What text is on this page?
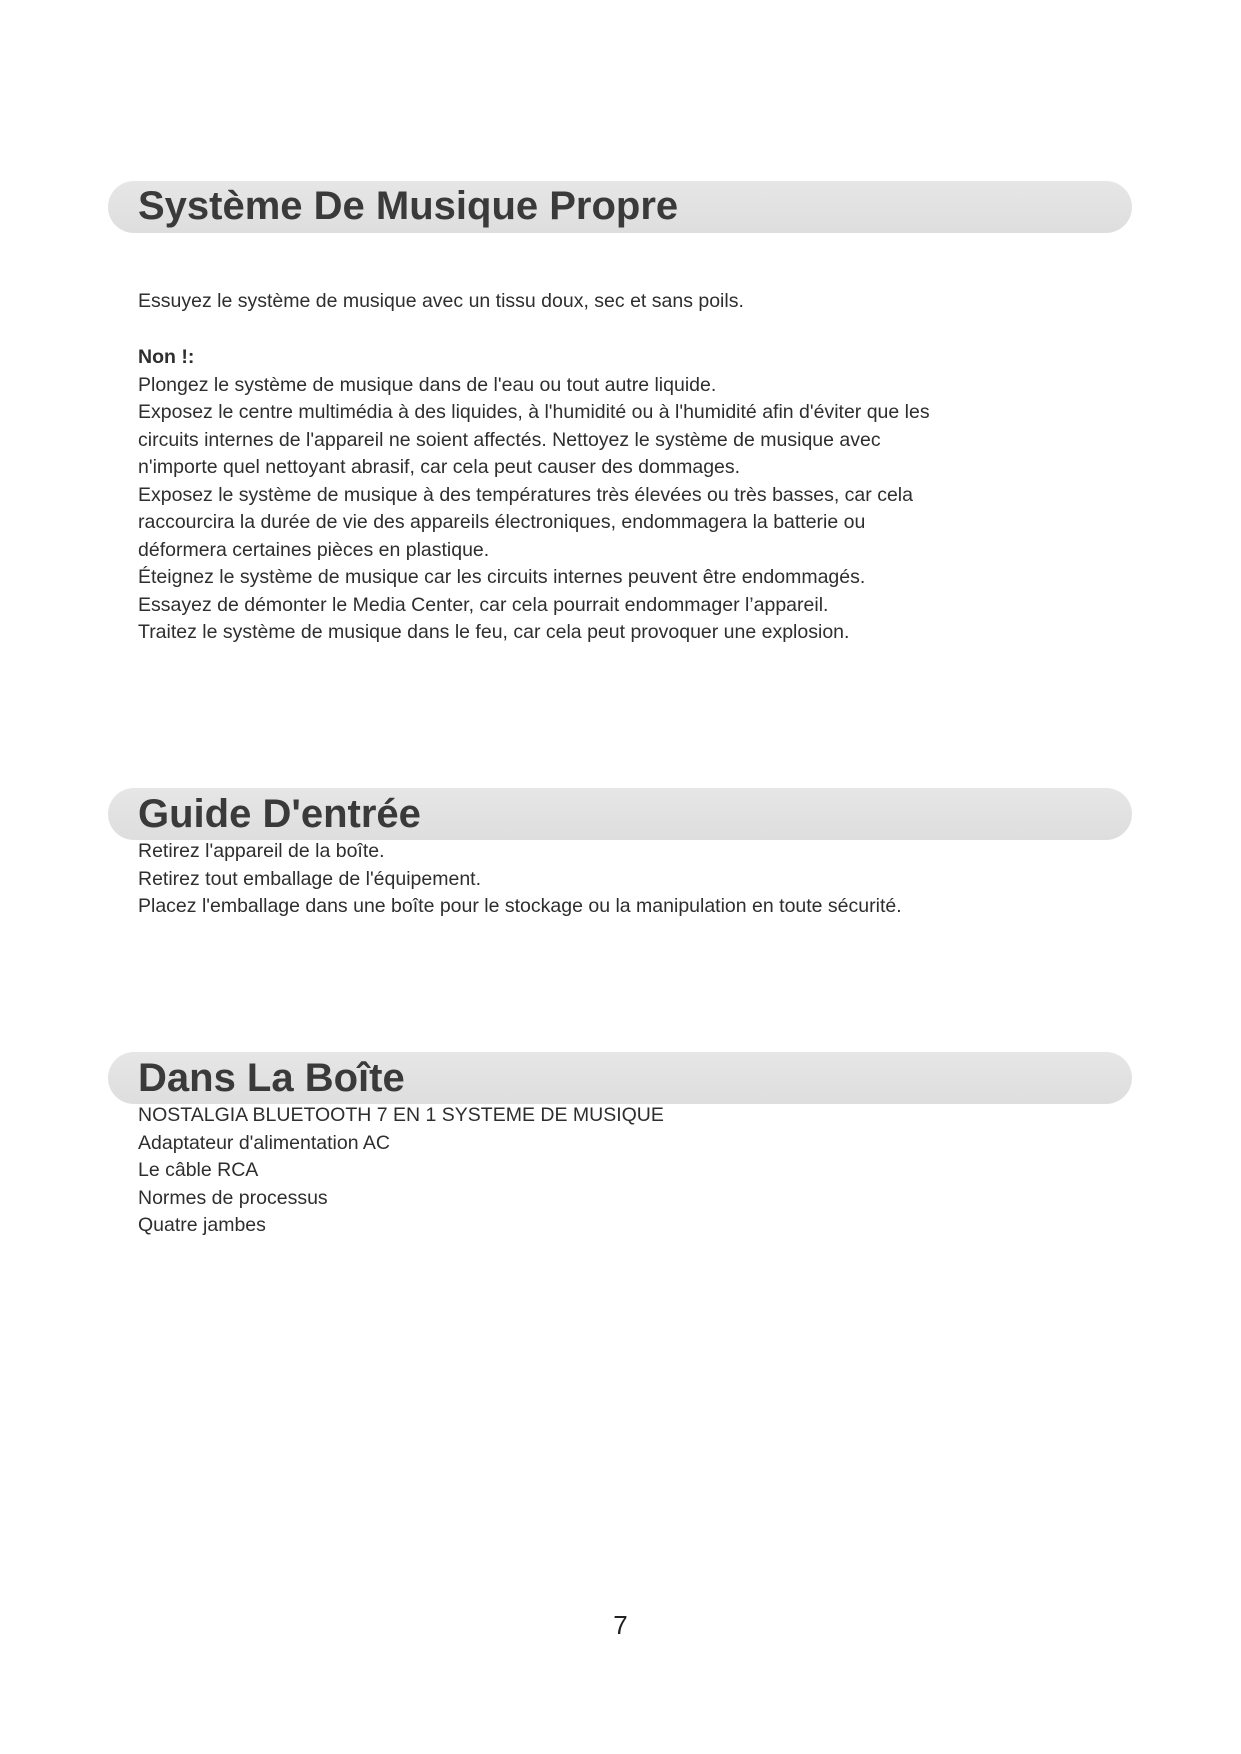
Système De Musique Propre
Essuyez le système de musique avec un tissu doux, sec et sans poils.
Non !:
Plongez le système de musique dans de l'eau ou tout autre liquide.
Exposez le centre multimédia à des liquides, à l'humidité ou à l'humidité afin d'éviter que les
circuits internes de l'appareil ne soient affectés. Nettoyez le système de musique avec
n'importe quel nettoyant abrasif, car cela peut causer des dommages.
Exposez le système de musique à des températures très élevées ou très basses, car cela
raccourcira la durée de vie des appareils électroniques, endommagera la batterie ou
déformera certaines pièces en plastique.
Éteignez le système de musique car les circuits internes peuvent être endommagés.
Essayez de démonter le Media Center, car cela pourrait endommager l’appareil.
Traitez le système de musique dans le feu, car cela peut provoquer une explosion.
Guide D'entrée
Retirez l'appareil de la boîte.
Retirez tout emballage de l'équipement.
Placez l'emballage dans une boîte pour le stockage ou la manipulation en toute sécurité.
Dans La Boîte
NOSTALGIA BLUETOOTH 7 EN 1 SYSTEME DE MUSIQUE
Adaptateur d'alimentation AC
Le câble RCA
Normes de processus
Quatre jambes
7
